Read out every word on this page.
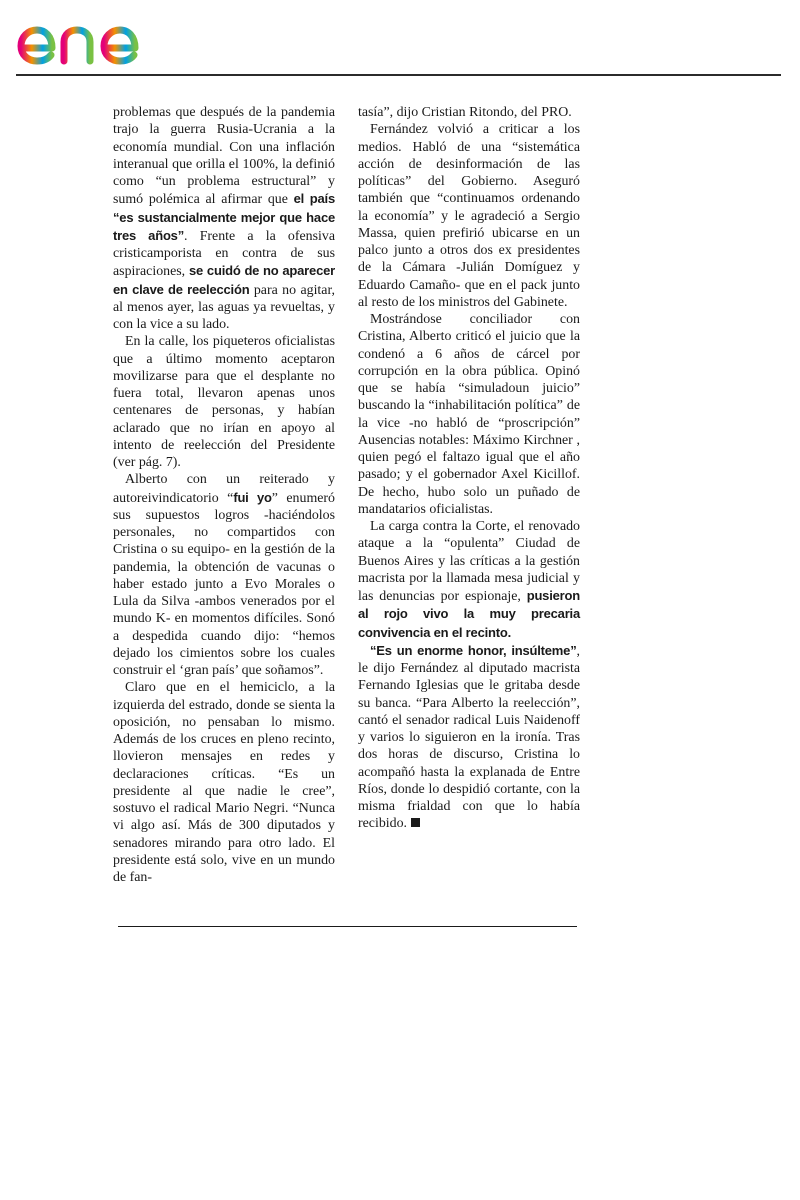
problemas que después de la pandemia trajo la guerra Rusia-Ucrania a la economía mundial. Con una inflación interanual que orilla el 100%, la definió como “un problema estructural” y sumó polémica al afirmar que el país “es sustancialmente mejor que hace tres años”. Frente a la ofensiva cristicamporista en contra de sus aspiraciones, se cuidó de no aparecer en clave de reelección para no agitar, al menos ayer, las aguas ya revueltas, y con la vice a su lado.

En la calle, los piqueteros oficialistas que a último momento aceptaron movilizarse para que el desplante no fuera total, llevaron apenas unos centenares de personas, y habían aclarado que no irían en apoyo al intento de reelección del Presidente (ver pág. 7).

Alberto con un reiterado y autoreivindicatorio “fui yo” enumeró sus supuestos logros -haciéndolos personales, no compartidos con Cristina o su equipo- en la gestión de la pandemia, la obtención de vacunas o haber estado junto a Evo Morales o Lula da Silva -ambos venerados por el mundo K- en momentos difíciles. Sonó a despedida cuando dijo: “hemos dejado los cimientos sobre los cuales construir el ‘gran país’ que soñamos”.

Claro que en el hemiciclo, a la izquierda del estrado, donde se sienta la oposición, no pensaban lo mismo. Además de los cruces en pleno recinto, llovieron mensajes en redes y declaraciones críticas. “Es un presidente al que nadie le cree”, sostuvo el radical Mario Negri. “Nunca vi algo así. Más de 300 diputados y senadores mirando para otro lado. El presidente está solo, vive en un mundo de fan-

tasía”, dijo Cristian Ritondo, del PRO.

Fernández volvió a criticar a los medios. Habló de una “sistemática acción de desinformación de las políticas” del Gobierno. Aseguró también que “continuamos ordenando la economía” y le agradeció a Sergio Massa, quien prefirió ubicarse en un palco junto a otros dos ex presidentes de la Cámara -Julián Domíguez y Eduardo Camaño- que en el pack junto al resto de los ministros del Gabinete.

Mostrándose conciliador con Cristina, Alberto criticó el juicio que la condenó a 6 años de cárcel por corrupción en la obra pública. Opinó que se había “simuladoun juicio” buscando la “inhabilitación política” de la vice -no habló de “proscripción” Ausencias notables: Máximo Kirchner , quien pegó el faltazo igual que el año pasado; y el gobernador Axel Kicillof. De hecho, hubo solo un puñado de mandatarios oficialistas.

La carga contra la Corte, el renovado ataque a la “opulenta” Ciudad de Buenos Aires y las críticas a la gestión macrista por la llamada mesa judicial y las denuncias por espionaje, pusieron al rojo vivo la muy precaria convivencia en el recinto.

“Es un enorme honor, insúlteme”, le dijo Fernández al diputado macrista Fernando Iglesias que le gritaba desde su banca. “Para Alberto la reelección”, cantó el senador radical Luis Naidenoff y varios lo siguieron en la ironía. Tras dos horas de discurso, Cristina lo acompañó hasta la explanada de Entre Ríos, donde lo despidió cortante, con la misma frialdad con que lo había recibido.
